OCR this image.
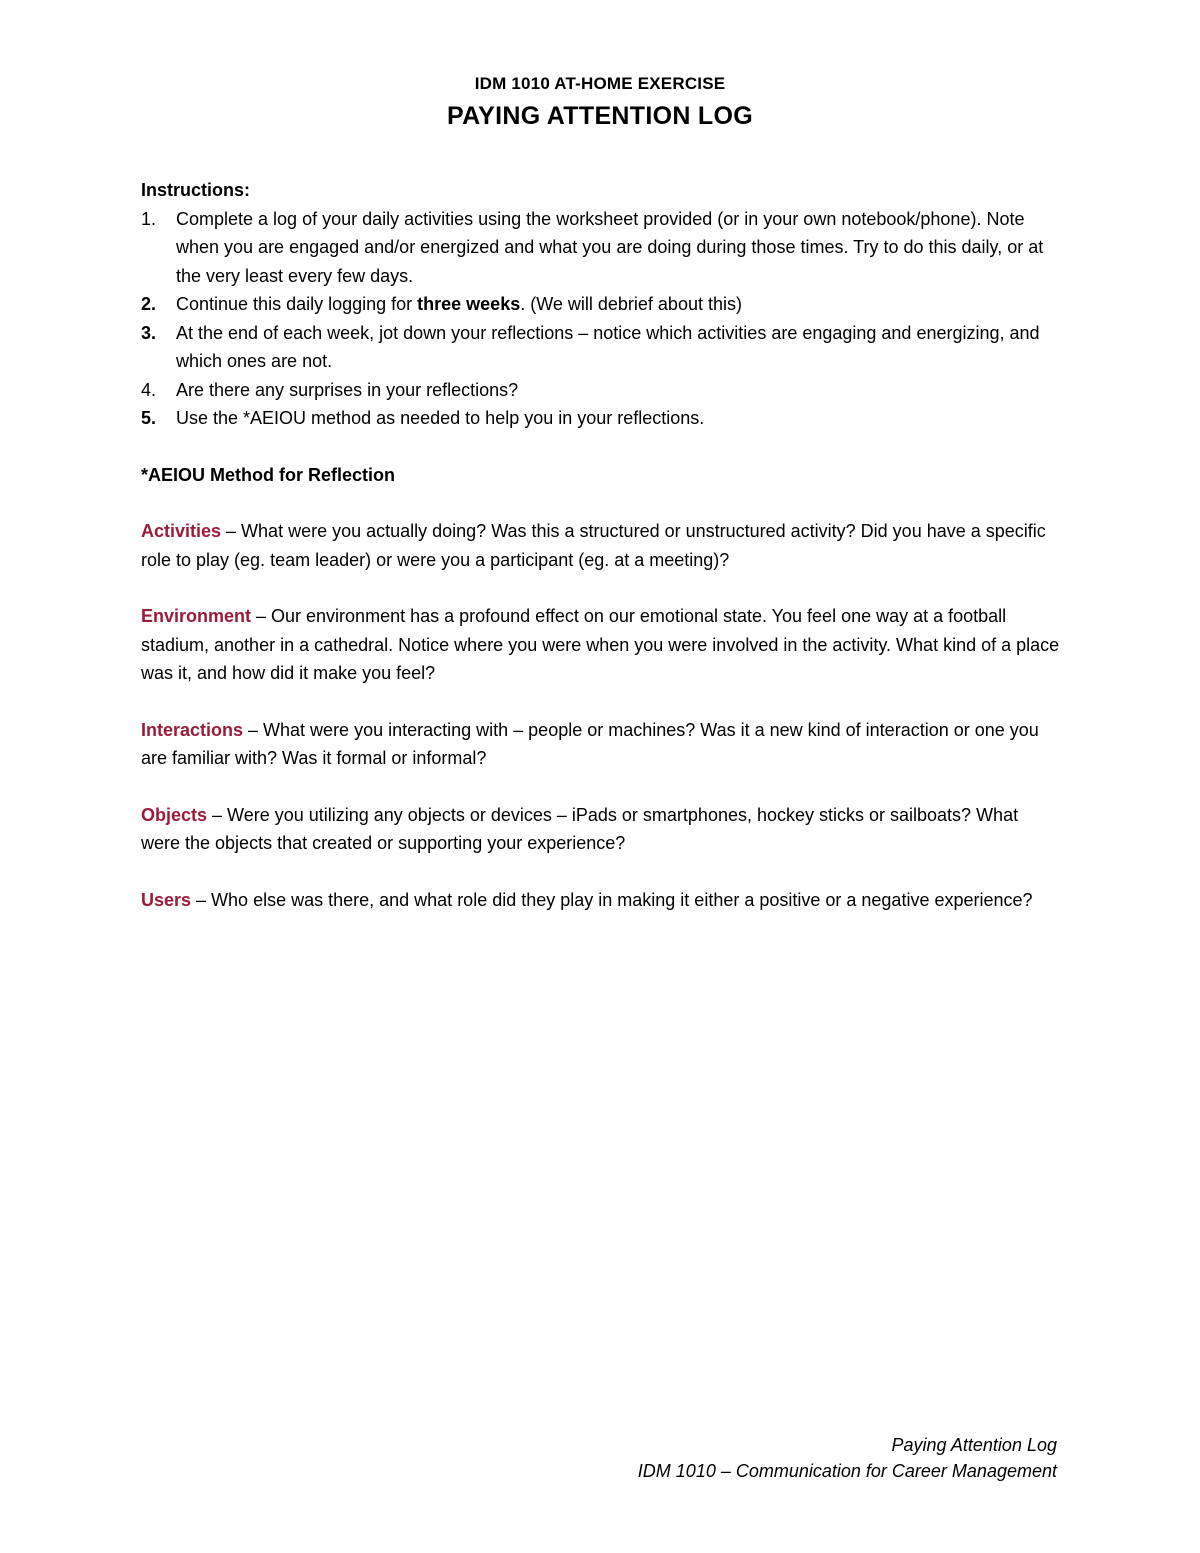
IDM 1010 AT-HOME EXERCISE
PAYING ATTENTION LOG
Instructions:
1. Complete a log of your daily activities using the worksheet provided (or in your own notebook/phone). Note when you are engaged and/or energized and what you are doing during those times. Try to do this daily, or at the very least every few days.
2. Continue this daily logging for three weeks. (We will debrief about this)
3. At the end of each week, jot down your reflections – notice which activities are engaging and energizing, and which ones are not.
4. Are there any surprises in your reflections?
5. Use the *AEIOU method as needed to help you in your reflections.
*AEIOU Method for Reflection
Activities – What were you actually doing? Was this a structured or unstructured activity? Did you have a specific role to play (eg. team leader) or were you a participant (eg. at a meeting)?
Environment – Our environment has a profound effect on our emotional state. You feel one way at a football stadium, another in a cathedral. Notice where you were when you were involved in the activity. What kind of a place was it, and how did it make you feel?
Interactions – What were you interacting with – people or machines? Was it a new kind of interaction or one you are familiar with? Was it formal or informal?
Objects – Were you utilizing any objects or devices – iPads or smartphones, hockey sticks or sailboats? What were the objects that created or supporting your experience?
Users – Who else was there, and what role did they play in making it either a positive or a negative experience?
Paying Attention Log
IDM 1010 – Communication for Career Management
